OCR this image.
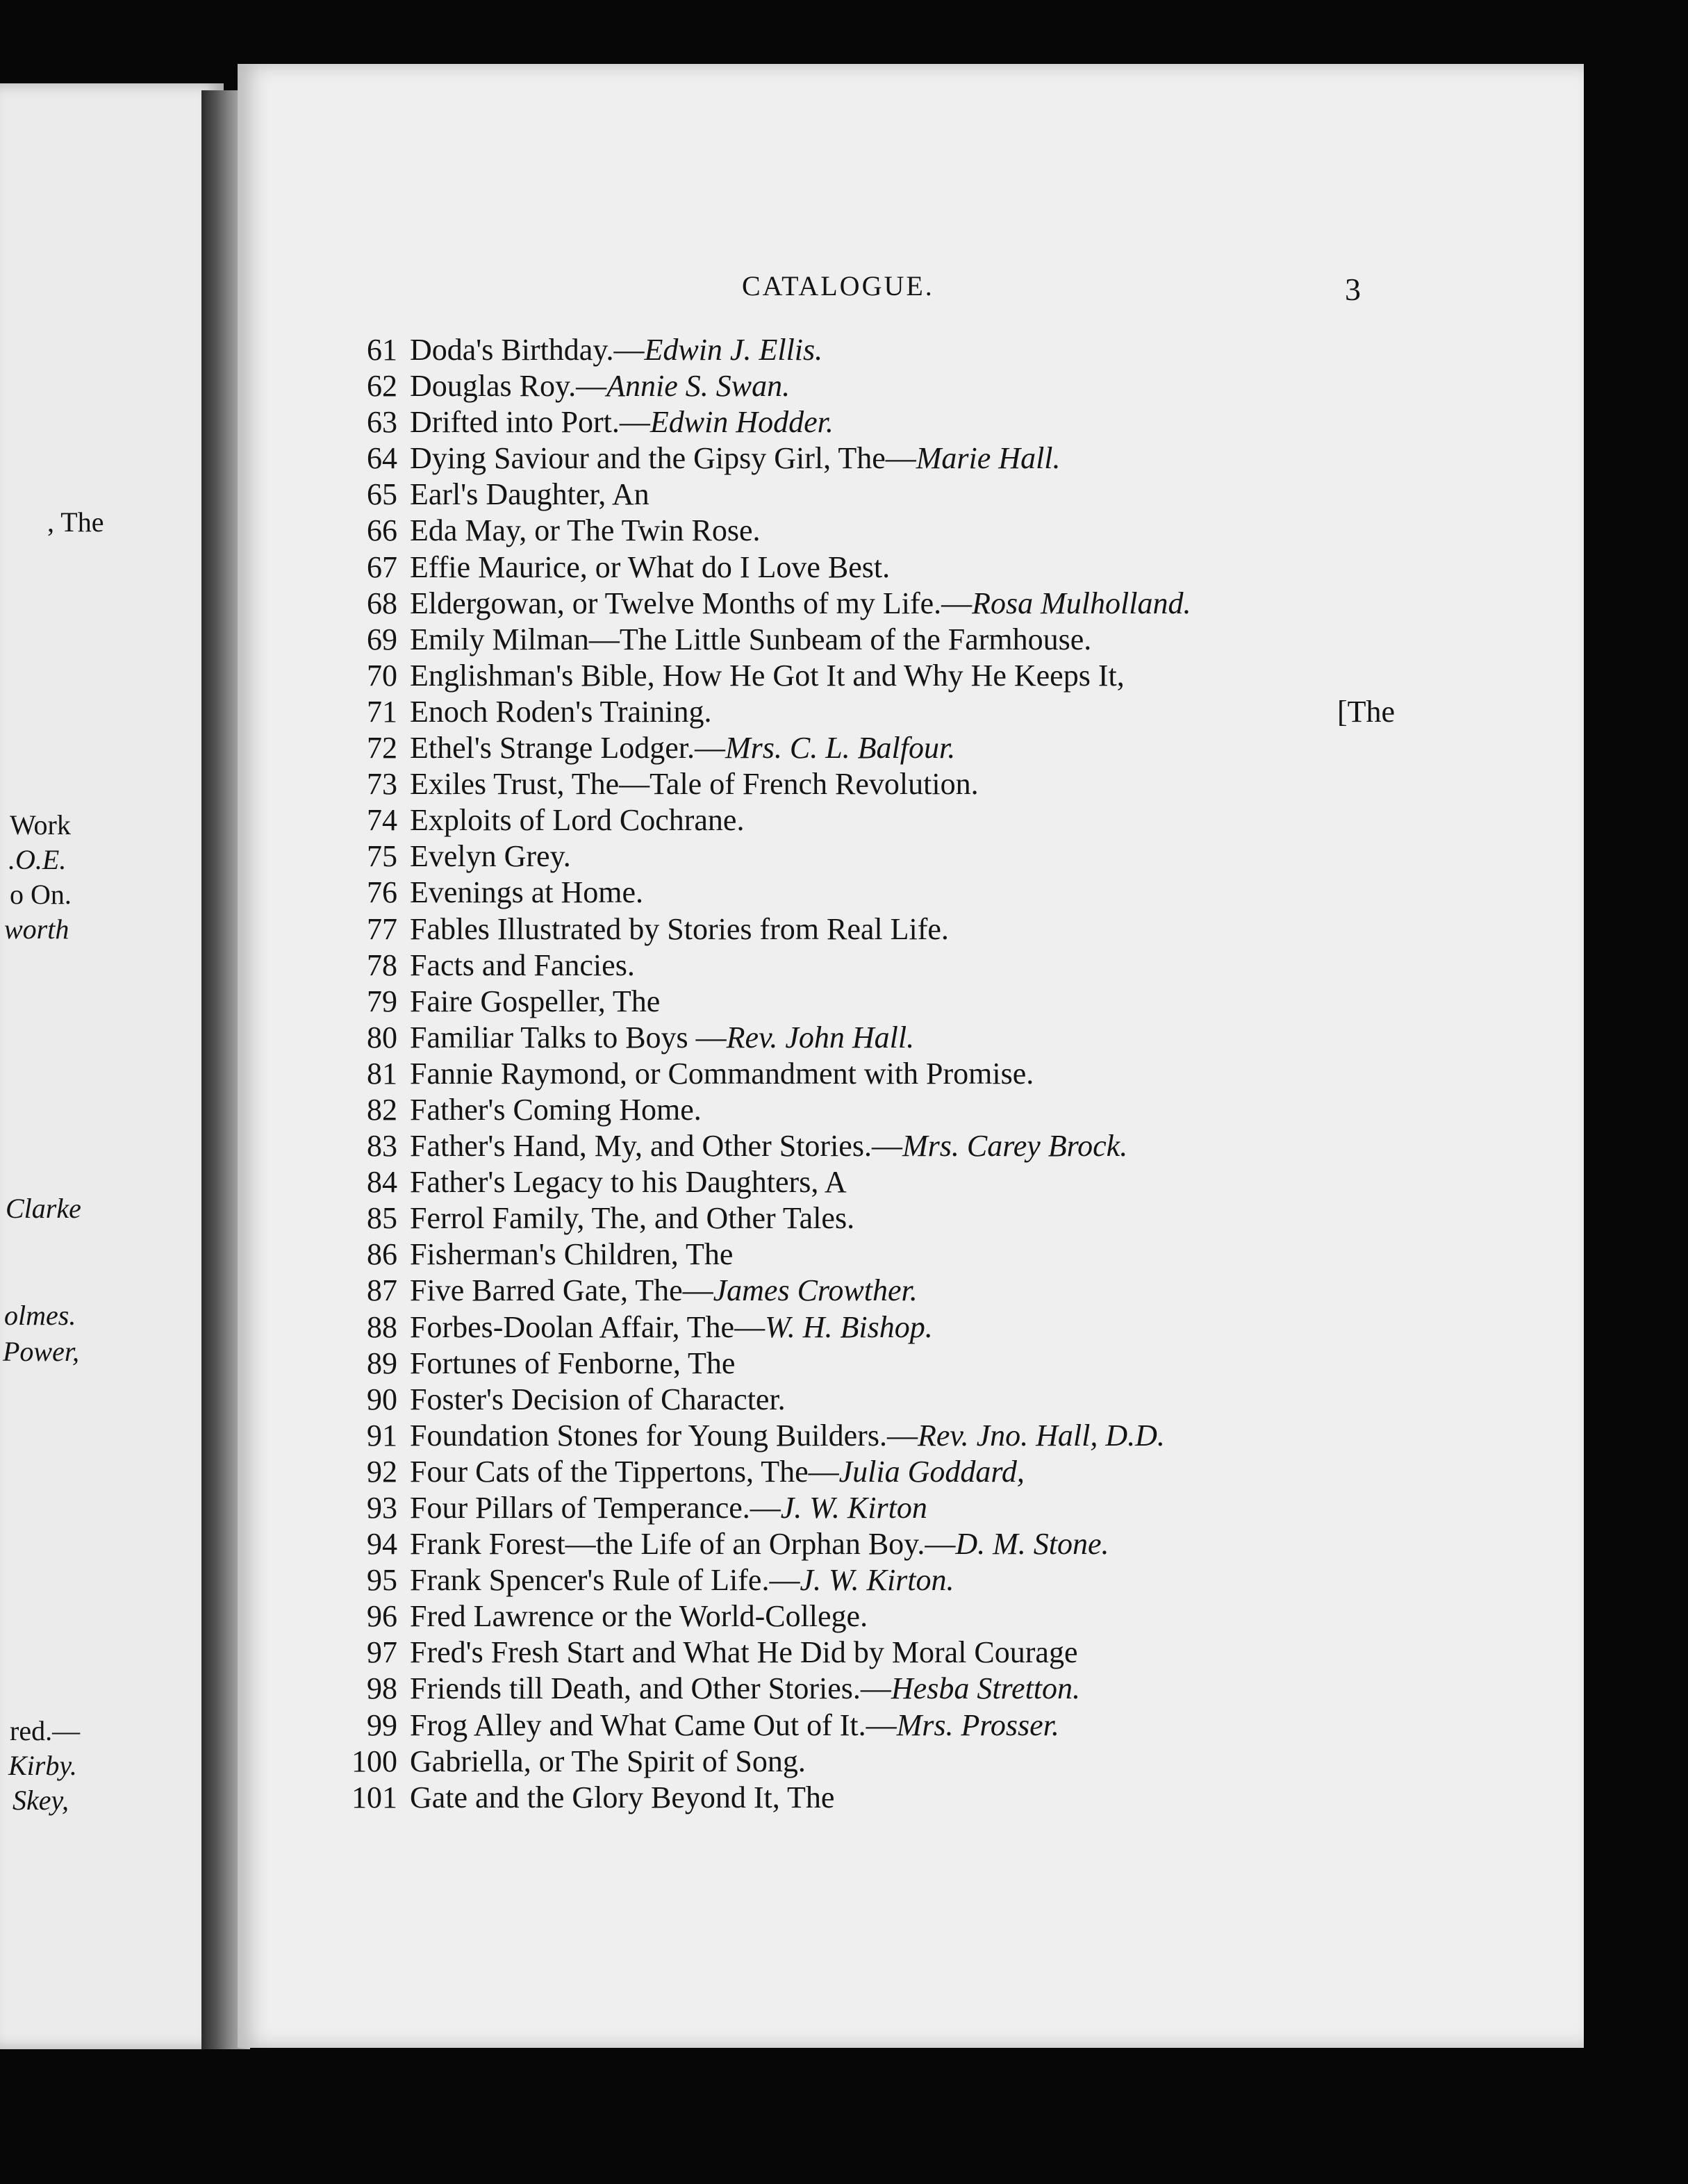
, The
Work
.O.E.
o On.
worth
Clarke
olmes.
Power,
red.—
Kirby.
Skey,
CATALOGUE.	3
61 Doda's Birthday.— Edwin J. Ellis.
62 Douglas Roy.— Annie S. Swan.
63 Drifted into Port.— Edwin Hodder.
64 Dying Saviour and the Gipsy Girl, The— Marie Hall.
65 Earl's Daughter, An
66 Eda May, or The Twin Rose.
67 Effie Maurice, or What do I Love Best.
68 Eldergowan, or Twelve Months of my Life.— Rosa Mulholland.
69 Emily Milman—The Little Sunbeam of the Farmhouse.
70 Englishman's Bible, How He Got It and Why He Keeps It,
71 Enoch Roden's Training.	[The
72 Ethel's Strange Lodger.— Mrs. C. L. Balfour.
73 Exiles Trust, The—Tale of French Revolution.
74 Exploits of Lord Cochrane.
75 Evelyn Grey.
76 Evenings at Home.
77 Fables Illustrated by Stories from Real Life.
78 Facts and Fancies.
79 Faire Gospeller, The
80 Familiar Talks to Boys — Rev. John Hall.
81 Fannie Raymond, or Commandment with Promise.
82 Father's Coming Home.
83 Father's Hand, My, and Other Stories.— Mrs. Carey Brock.
84 Father's Legacy to his Daughters, A
85 Ferrol Family, The, and Other Tales.
86 Fisherman's Children, The
87 Five Barred Gate, The— James Crowther.
88 Forbes-Doolan Affair, The— W. H. Bishop.
89 Fortunes of Fenborne, The
90 Foster's Decision of Character.
91 Foundation Stones for Young Builders.— Rev. Jno. Hall, D.D.
92 Four Cats of the Tippertons, The— Julia Goddard,
93 Four Pillars of Temperance.— J. W. Kirton
94 Frank Forest—the Life of an Orphan Boy.— D. M. Stone.
95 Frank Spencer's Rule of Life.— J. W. Kirton.
96 Fred Lawrence or the World-College.
97 Fred's Fresh Start and What He Did by Moral Courage
98 Friends till Death, and Other Stories.— Hesba Stretton.
99 Frog Alley and What Came Out of It.— Mrs. Prosser.
100 Gabriella, or The Spirit of Song.
101 Gate and the Glory Beyond It, The
